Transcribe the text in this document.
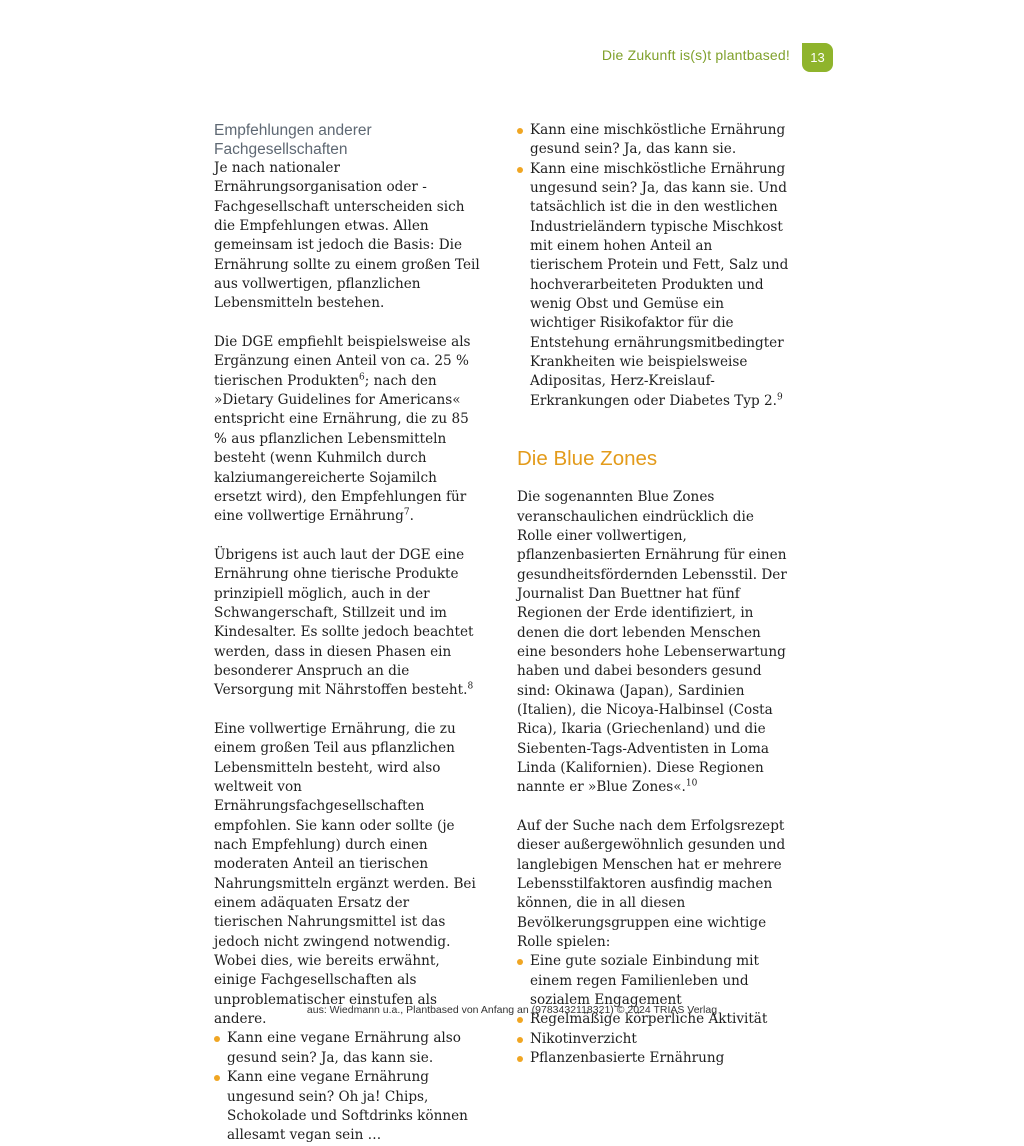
Die Zukunft is(s)t plantbased!	13
Empfehlungen anderer Fachgesellschaften

Je nach nationaler Ernährungsorganisation oder -Fachgesellschaft unterscheiden sich die Empfehlungen etwas. Allen gemeinsam ist jedoch die Basis: Die Ernährung sollte zu einem großen Teil aus vollwertigen, pflanzlichen Lebensmitteln bestehen.

Die DGE empfiehlt beispielsweise als Ergänzung einen Anteil von ca. 25 % tierischen Produkten$^6$; nach den »Dietary Guidelines for Americans« entspricht eine Ernährung, die zu 85 % aus pflanzlichen Lebensmitteln besteht (wenn Kuhmilch durch kalziumangereicherte Sojamilch ersetzt wird), den Empfehlungen für eine vollwertige Ernährung$^7$.

Übrigens ist auch laut der DGE eine Ernährung ohne tierische Produkte prinzipiell möglich, auch in der Schwangerschaft, Stillzeit und im Kindesalter. Es sollte jedoch beachtet werden, dass in diesen Phasen ein besonderer Anspruch an die Versorgung mit Nährstoffen besteht.$^8$

Eine vollwertige Ernährung, die zu einem großen Teil aus pflanzlichen Lebensmitteln besteht, wird also weltweit von Ernährungsfachgesellschaften empfohlen. Sie kann oder sollte (je nach Empfehlung) durch einen moderaten Anteil an tierischen Nahrungsmitteln ergänzt werden. Bei einem adäquaten Ersatz der tierischen Nahrungsmittel ist das jedoch nicht zwingend notwendig. Wobei dies, wie bereits erwähnt, einige Fachgesellschaften als unproblematischer einstufen als andere.

Kann eine vegane Ernährung also gesund sein? Ja, das kann sie.
Kann eine vegane Ernährung ungesund sein? Oh ja! Chips, Schokolade und Softdrinks können allesamt vegan sein …
Kann eine mischköstliche Ernährung gesund sein? Ja, das kann sie.
Kann eine mischköstliche Ernährung ungesund sein? Ja, das kann sie. Und tatsächlich ist die in den westlichen Industrieländern typische Mischkost mit einem hohen Anteil an tierischem Protein und Fett, Salz und hochverarbeiteten Produkten und wenig Obst und Gemüse ein wichtiger Risikofaktor für die Entstehung ernährungsmitbedingter Krankheiten wie beispielsweise Adipositas, Herz-Kreislauf-Erkrankungen oder Diabetes Typ 2.$^9$
Die Blue Zones

Die sogenannten Blue Zones veranschaulichen eindrücklich die Rolle einer vollwertigen, pflanzenbasierten Ernährung für einen gesundheitsfördernden Lebensstil. Der Journalist Dan Buettner hat fünf Regionen der Erde identifiziert, in denen die dort lebenden Menschen eine besonders hohe Lebenserwartung haben und dabei besonders gesund sind: Okinawa (Japan), Sardinien (Italien), die Nicoya-Halbinsel (Costa Rica), Ikaria (Griechenland) und die Siebenten-Tags-Adventisten in Loma Linda (Kalifornien). Diese Regionen nannte er »Blue Zones«.$^{10}$

Auf der Suche nach dem Erfolgsrezept dieser außergewöhnlich gesunden und langlebigen Menschen hat er mehrere Lebensstilfaktoren ausfindig machen können, die in all diesen Bevölkerungsgruppen eine wichtige Rolle spielen:

Eine gute soziale Einbindung mit einem regen Familienleben und sozialem Engagement
Regelmäßige körperliche Aktivität
Nikotinverzicht
Pflanzenbasierte Ernährung
aus: Wiedmann u.a., Plantbased von Anfang an (9783432118321) © 2024 TRIAS Verlag
